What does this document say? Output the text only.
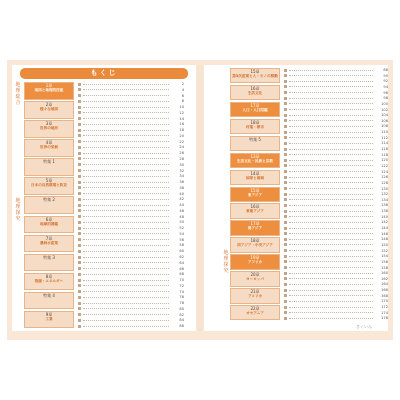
もくじ
地理総合
地理探究
1章
地図と地理的技能
2章
様々な地図
3章
世界の地形
4章
世界の気候
特集 1
5章
日本の自然環境と防災
特集 2
6章
地球的課題
7章
農林水産業
特集 3
8章
資源・エネルギー
特集 4
9章
工業
2
4
6
8
10
12
14
16
18
20
22
24
26
28
30
32
34
36
38
40
42
44
46
48
50
52
54
56
58
60
62
64
66
68
70
72
74
76
78
80
82
84
86
地理探究
15章
第3次産業と人・モノの移動
16章
生活文化
17章
人口・人口問題
18章
村落・都市
特集 5
13章
生活文化・民族と宗教
14章
国家と領域
15章
東アジア
16章
東南アジア
17章
南アジア
18章
西アジア・中央アジア
19章
アフリカ
20章
ヨーロッパ
21章
アメリカ
22章
オセアニア
88
90
92
94
96
98
100
102
104
106
108
110
112
114
116
118
120
122
124
126
128
130
132
134
136
138
140
142
144
146
148
150
152
154
156
158
160
162
164
166
168
170
172
174
176
さくいん
